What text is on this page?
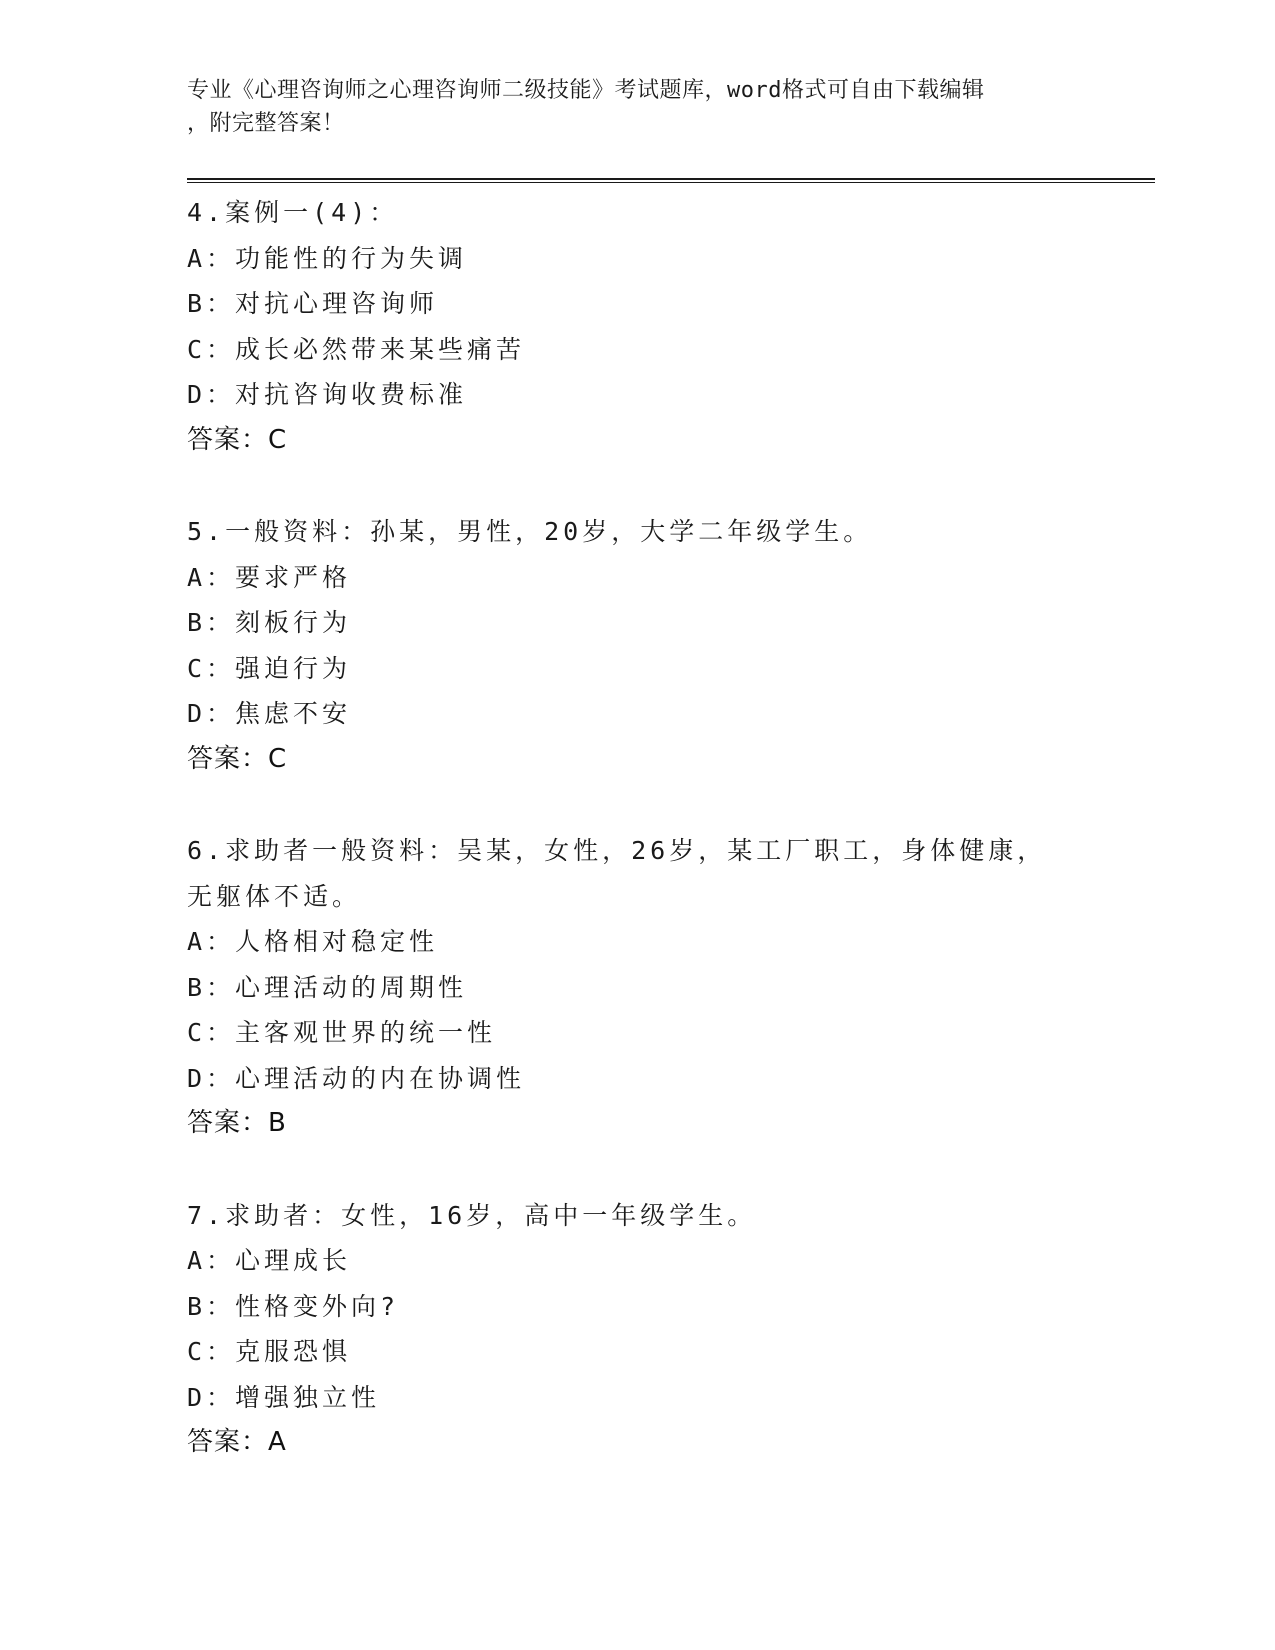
专业《心理咨询师之心理咨询师二级技能》考试题库，word格式可自由下载编辑
，附完整答案！
4.案例一(4)：
A：功能性的行为失调
B：对抗心理咨询师
C：成长必然带来某些痛苦
D：对抗咨询收费标准
答案：C
5.一般资料：孙某，男性，20岁，大学二年级学生。
A：要求严格
B：刻板行为
C：强迫行为
D：焦虑不安
答案：C
6.求助者一般资料：吴某，女性，26岁，某工厂职工，身体健康，无躯体不适。
A：人格相对稳定性
B：心理活动的周期性
C：主客观世界的统一性
D：心理活动的内在协调性
答案：B
7.求助者：女性，16岁，高中一年级学生。
A：心理成长
B：性格变外向?
C：克服恐惧
D：增强独立性
答案：A
